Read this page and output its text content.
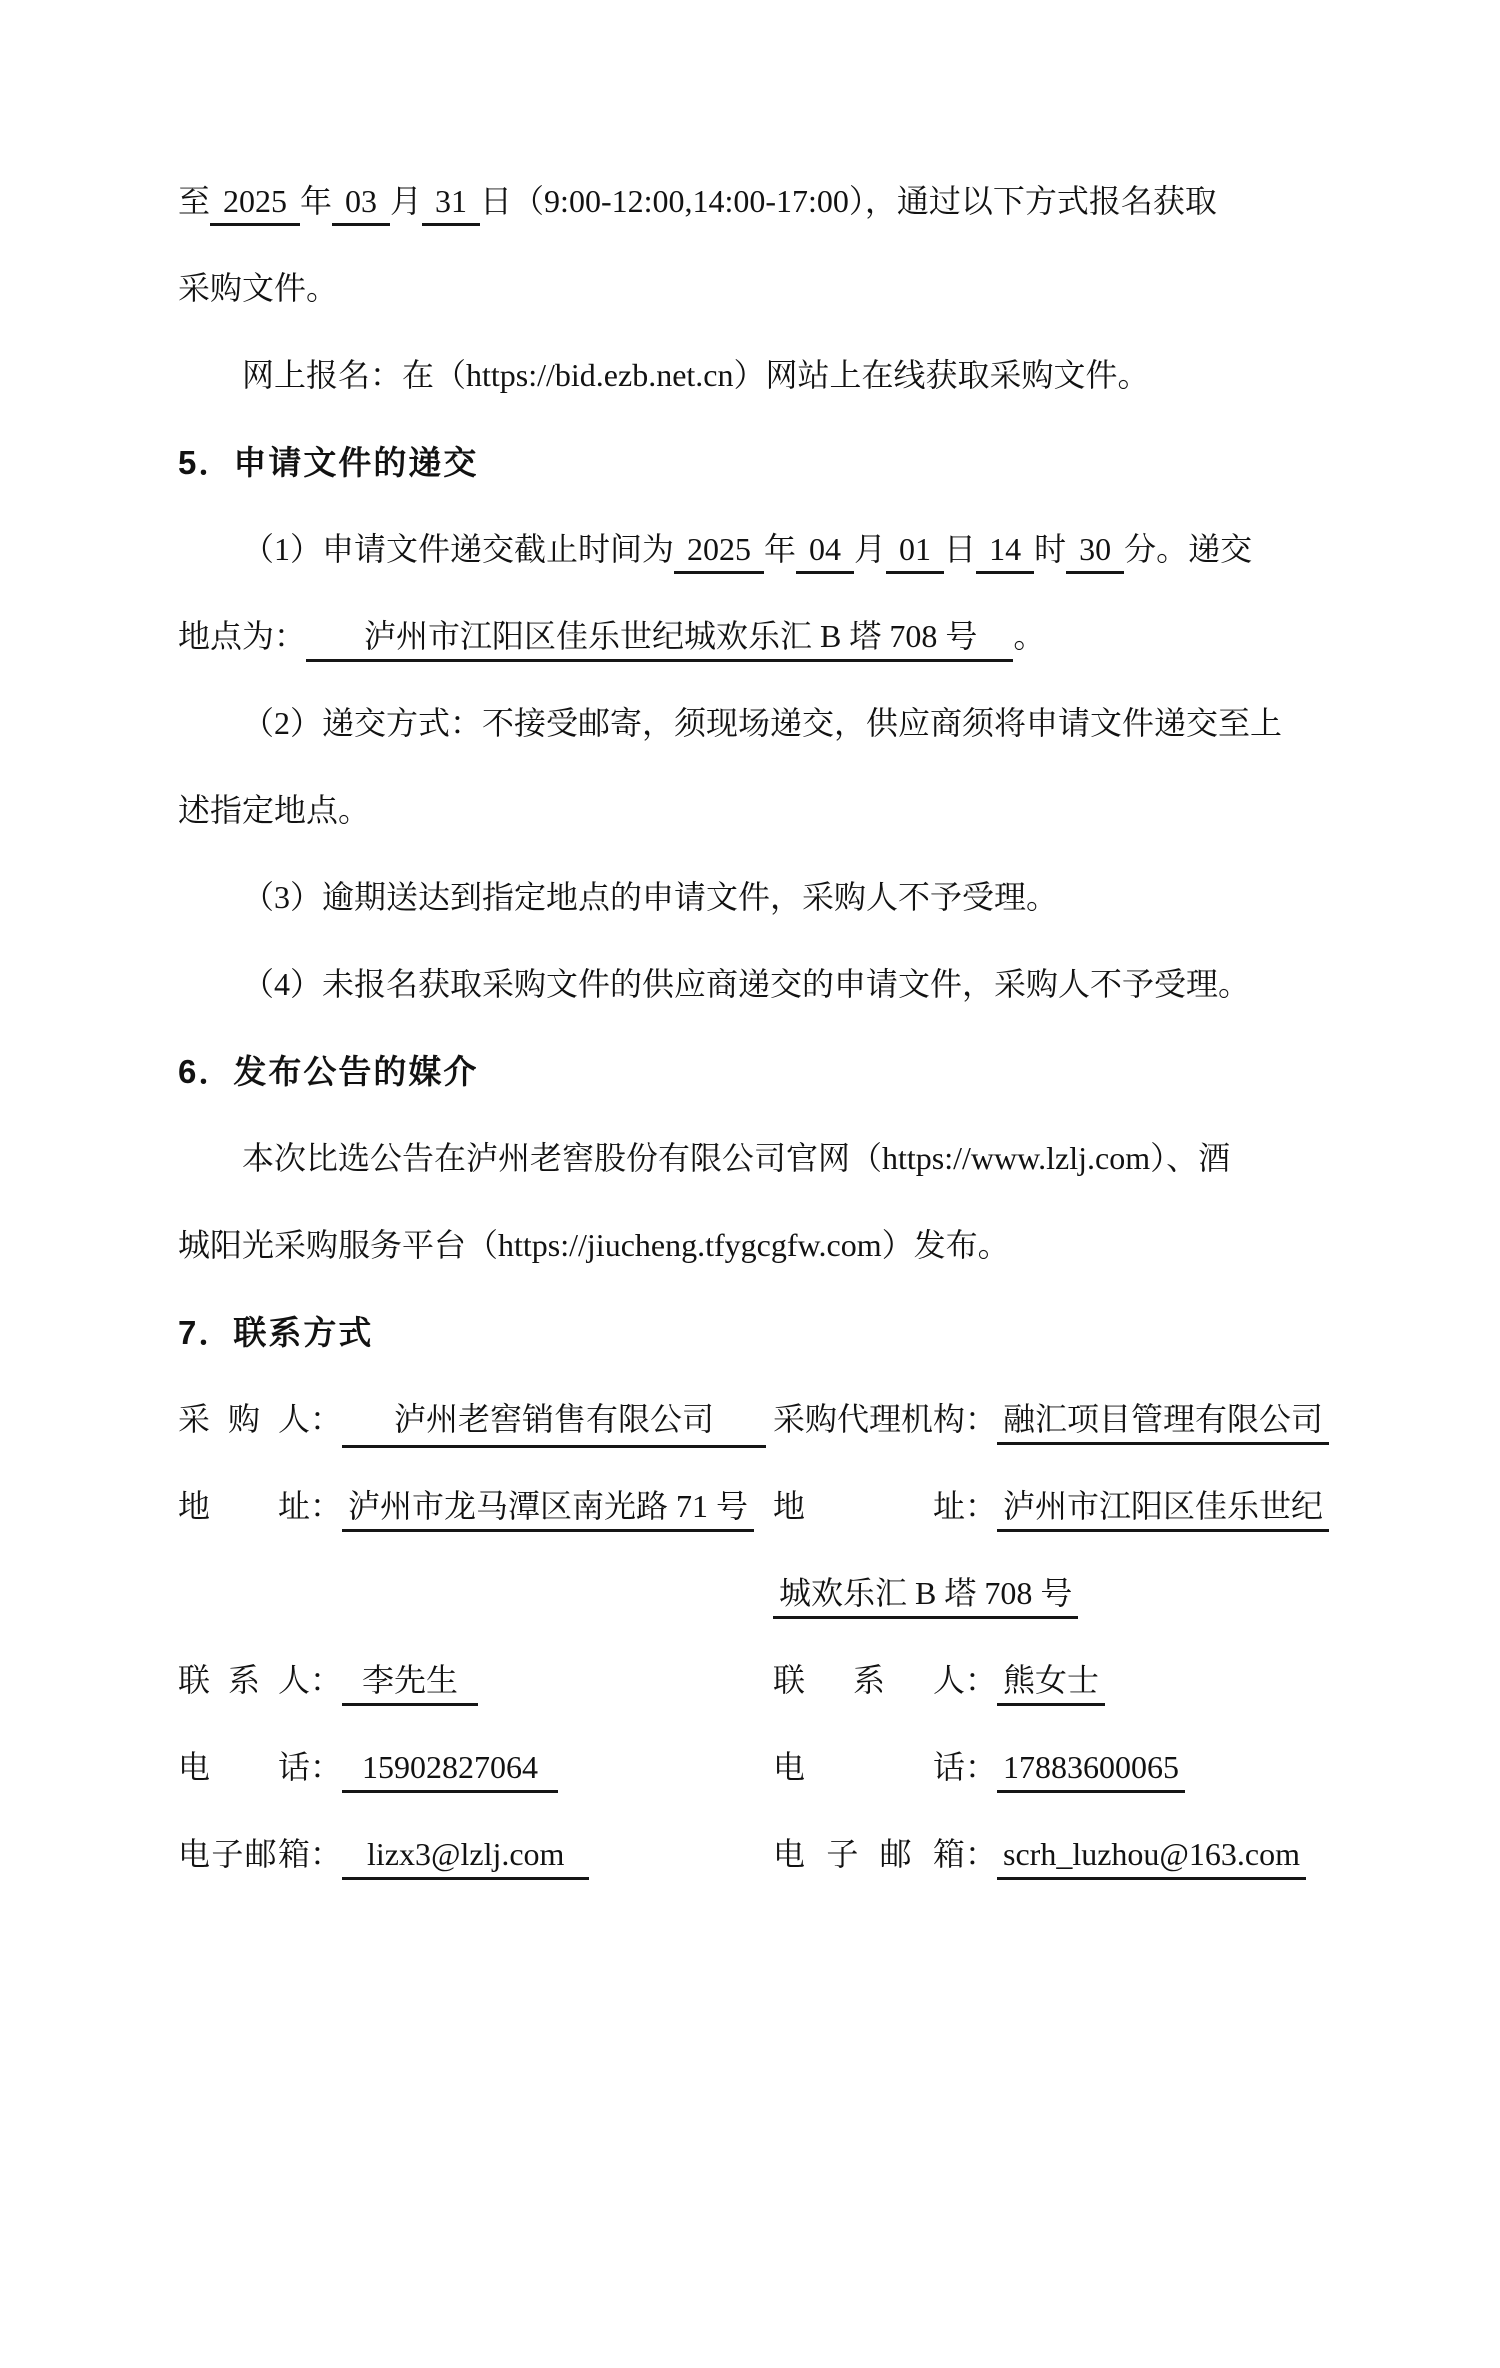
至 2025 年 03 月 31 日（9:00-12:00,14:00-17:00），通过以下方式报名获取
采购文件。
网上报名：在（https://bid.ezb.net.cn）网站上在线获取采购文件。
5．申请文件的递交
（1）申请文件递交截止时间为 2025 年 04 月 01 日 14 时 30 分。递交
地点为： 泸州市江阳区佳乐世纪城欢乐汇 B 塔 708 号 。
（2）递交方式：不接受邮寄，须现场递交，供应商须将申请文件递交至上
述指定地点。
（3）逾期送达到指定地点的申请文件，采购人不予受理。
（4）未报名获取采购文件的供应商递交的申请文件，采购人不予受理。
6．发布公告的媒介
本次比选公告在泸州老窖股份有限公司官网（https://www.lzlj.com）、酒
城阳光采购服务平台（https://jiucheng.tfygcgfw.com）发布。
7．联系方式
采购人： 泸州老窖销售有限公司
地址： 泸州市龙马潭区南光路 71 号
联系人： 李先生
电话： 15902827064
电子邮箱： lizx3@lzlj.com
采购代理机构： 融汇项目管理有限公司
地址： 泸州市江阳区佳乐世纪
城欢乐汇 B 塔 708 号
联系人： 熊女士
电话： 17883600065
电子邮箱： scrh_luzhou@163.com
